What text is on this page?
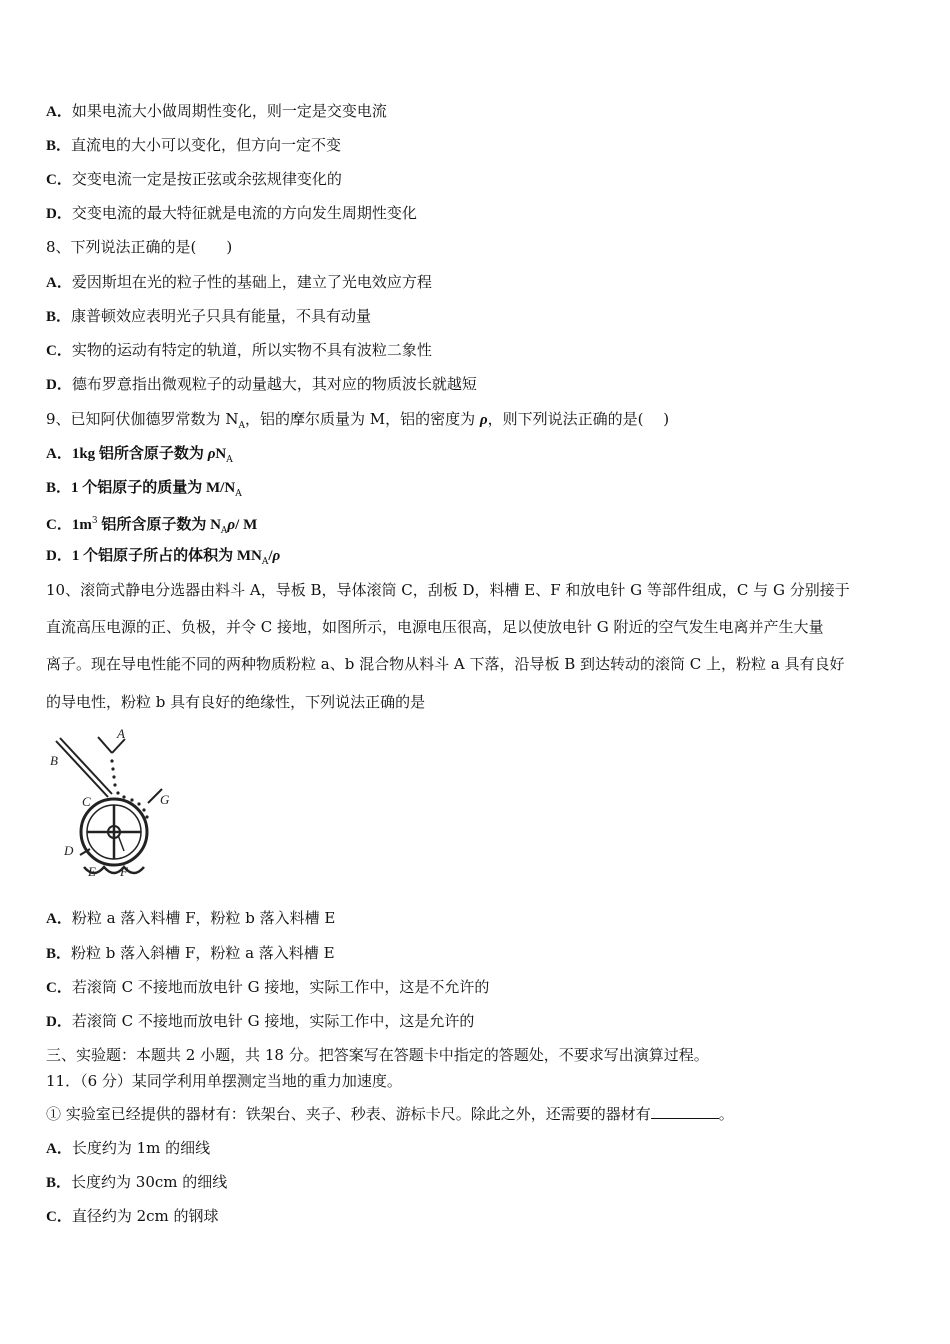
A．如果电流大小做周期性变化，则一定是交变电流
B．直流电的大小可以变化，但方向一定不变
C．交变电流一定是按正弦或余弦规律变化的
D．交变电流的最大特征就是电流的方向发生周期性变化
8、下列说法正确的是(　　)
A．爱因斯坦在光的粒子性的基础上，建立了光电效应方程
B．康普顿效应表明光子只具有能量，不具有动量
C．实物的运动有特定的轨道，所以实物不具有波粒二象性
D．德布罗意指出微观粒子的动量越大，其对应的物质波长就越短
9、已知阿伏伽德罗常数为 $N_A$，铝的摩尔质量为 M，铝的密度为 ρ，则下列说法正确的是(　 )
A．1kg 铝所含原子数为 $\rho N_A$
B．1 个铝原子的质量为 $M/N_A$
C．$1m^3$ 铝所含原子数为 $N_A\rho/$ M
D．1 个铝原子所占的体积为 $MN_A/\rho$
10、滚筒式静电分选器由料斗 A，导板 B，导体滚筒 C，刮板 D，料槽 E、F 和放电针 G 等部件组成，C 与 G 分别接于
直流高压电源的正、负极，并令 C 接地，如图所示，电源电压很高，足以使放电针 G 附近的空气发生电离并产生大量
离子。现在导电性能不同的两种物质粉粒 a、b 混合物从料斗 A 下落，沿导板 B 到达转动的滚筒 C 上，粉粒 a 具有良好
的导电性，粉粒 b 具有良好的绝缘性，下列说法正确的是
A
B
C
D
E F
G
A．粉粒 a 落入料槽 F，粉粒 b 落入料槽 E
B．粉粒 b 落入斜槽 F，粉粒 a 落入料槽 E
C．若滚筒 C 不接地而放电针 G 接地，实际工作中，这是不允许的
D．若滚筒 C 不接地而放电针 G 接地，实际工作中，这是允许的
三、实验题：本题共 2 小题，共 18 分。把答案写在答题卡中指定的答题处，不要求写出演算过程。
11．（6 分）某同学利用单摆测定当地的重力加速度。
① 实验室已经提供的器材有：铁架台、夹子、秒表、游标卡尺。除此之外，还需要的器材有	。
A．长度约为 1m 的细线
B．长度约为 30cm 的细线
C．直径约为 2cm 的钢球
